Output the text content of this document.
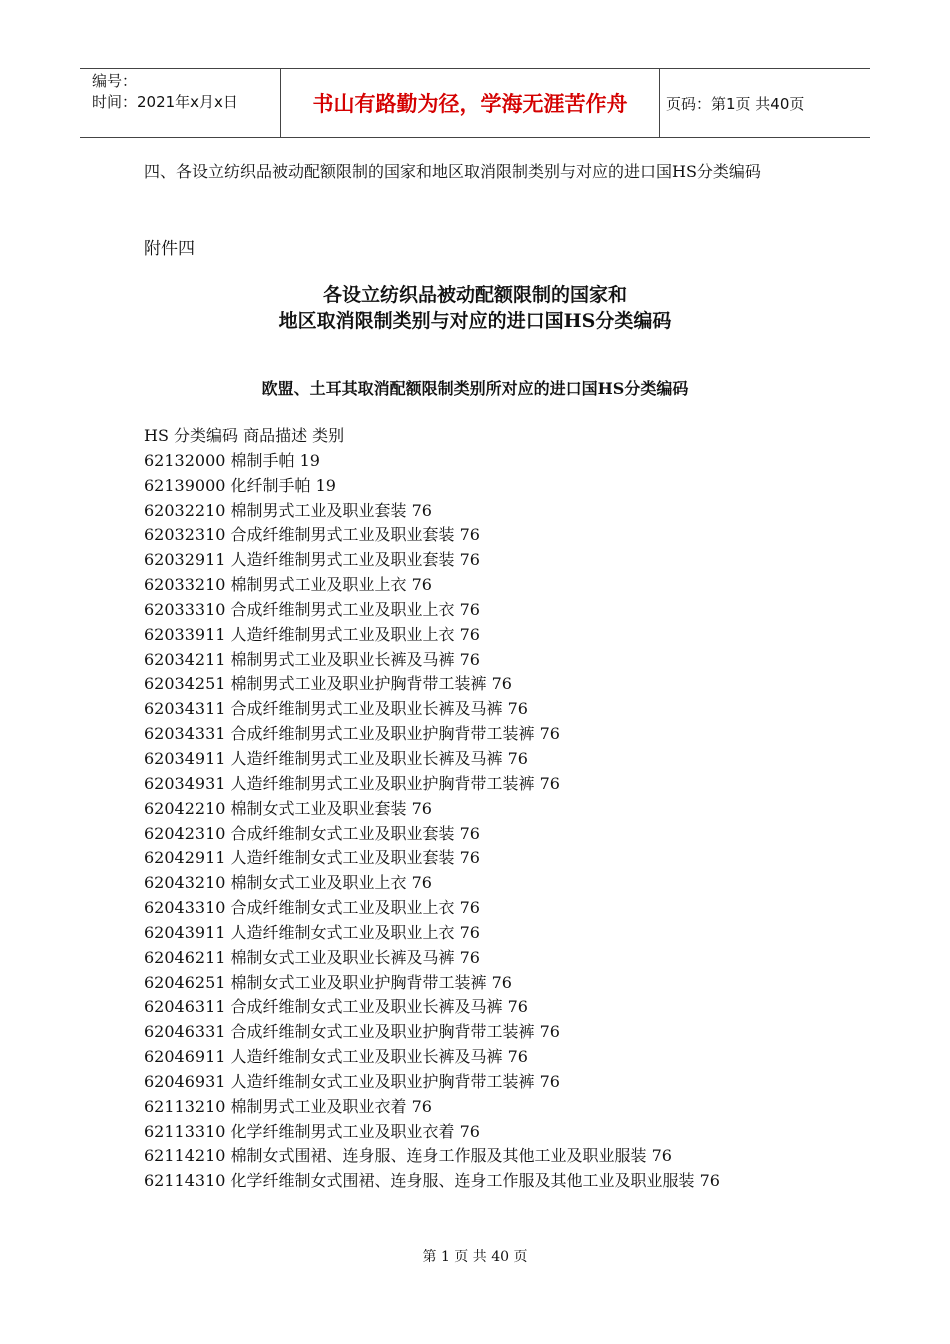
编号：
时间：2021年x月x日	书山有路勤为径，学海无涯苦作舟	页码：第1页 共40页
四、各设立纺织品被动配额限制的国家和地区取消限制类别与对应的进口国HS分类编码
附件四
各设立纺织品被动配额限制的国家和
地区取消限制类别与对应的进口国HS分类编码
欧盟、土耳其取消配额限制类别所对应的进口国HS分类编码
HS 分类编码 商品描述 类别
62132000 棉制手帕 19
62139000 化纤制手帕 19
62032210 棉制男式工业及职业套装 76
62032310 合成纤维制男式工业及职业套装 76
62032911 人造纤维制男式工业及职业套装 76
62033210 棉制男式工业及职业上衣 76
62033310 合成纤维制男式工业及职业上衣 76
62033911 人造纤维制男式工业及职业上衣 76
62034211 棉制男式工业及职业长裤及马裤 76
62034251 棉制男式工业及职业护胸背带工装裤 76
62034311 合成纤维制男式工业及职业长裤及马裤 76
62034331 合成纤维制男式工业及职业护胸背带工装裤 76
62034911 人造纤维制男式工业及职业长裤及马裤 76
62034931 人造纤维制男式工业及职业护胸背带工装裤 76
62042210 棉制女式工业及职业套装 76
62042310 合成纤维制女式工业及职业套装 76
62042911 人造纤维制女式工业及职业套装 76
62043210 棉制女式工业及职业上衣 76
62043310 合成纤维制女式工业及职业上衣 76
62043911 人造纤维制女式工业及职业上衣 76
62046211 棉制女式工业及职业长裤及马裤 76
62046251 棉制女式工业及职业护胸背带工装裤 76
62046311 合成纤维制女式工业及职业长裤及马裤 76
62046331 合成纤维制女式工业及职业护胸背带工装裤 76
62046911 人造纤维制女式工业及职业长裤及马裤 76
62046931 人造纤维制女式工业及职业护胸背带工装裤 76
62113210 棉制男式工业及职业衣着 76
62113310 化学纤维制男式工业及职业衣着 76
62114210 棉制女式围裙、连身服、连身工作服及其他工业及职业服装 76
62114310 化学纤维制女式围裙、连身服、连身工作服及其他工业及职业服装 76
第 1 页 共 40 页
